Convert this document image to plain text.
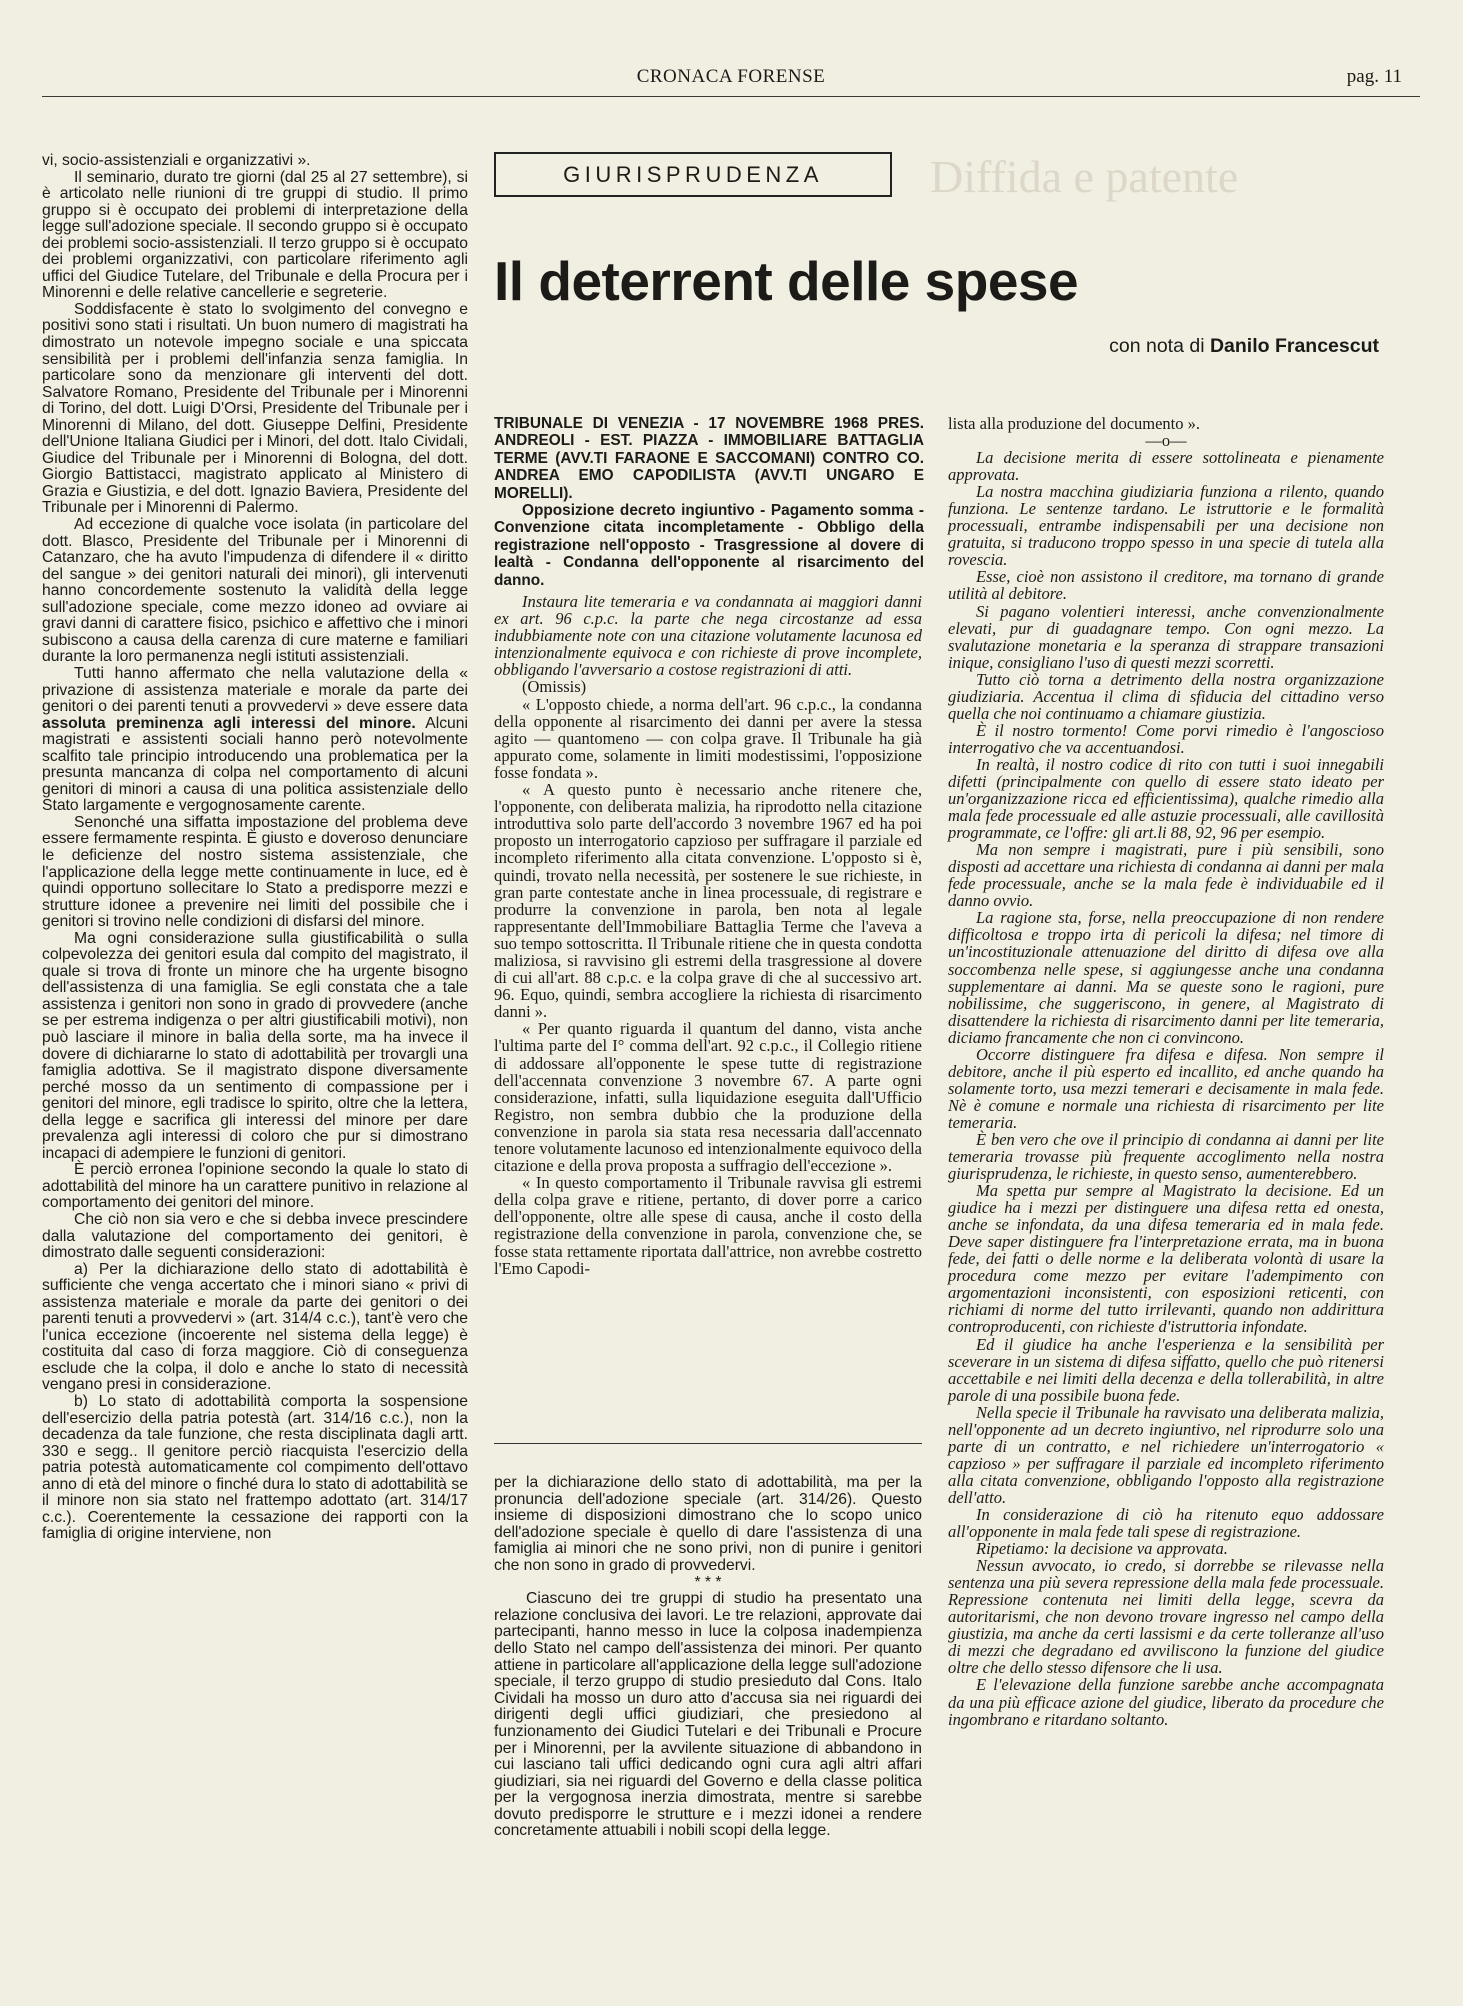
CRONACA FORENSE	pag. 11
Diffida e patente

vi, socio-assistenziali e organizzativi ».

Il seminario, durato tre giorni (dal 25 al 27 settembre), si è articolato nelle riunioni di tre gruppi di studio. Il primo gruppo si è occupato dei problemi di interpretazione della legge sull'adozione speciale. Il secondo gruppo si è occupato dei problemi socio-assistenziali. Il terzo gruppo si è occupato dei problemi organizzativi, con particolare riferimento agli uffici del Giudice Tutelare, del Tribunale e della Procura per i Minorenni e delle relative cancellerie e segreterie.

Soddisfacente è stato lo svolgimento del convegno e positivi sono stati i risultati. Un buon numero di magistrati ha dimostrato un notevole impegno sociale e una spiccata sensibilità per i problemi dell'infanzia senza famiglia. In particolare sono da menzionare gli interventi del dott. Salvatore Romano, Presidente del Tribunale per i Minorenni di Torino, del dott. Luigi D'Orsi, Presidente del Tribunale per i Minorenni di Milano, del dott. Giuseppe Delfini, Presidente dell'Unione Italiana Giudici per i Minori, del dott. Italo Cividali, Giudice del Tribunale per i Minorenni di Bologna, del dott. Giorgio Battistacci, magistrato applicato al Ministero di Grazia e Giustizia, e del dott. Ignazio Baviera, Presidente del Tribunale per i Minorenni di Palermo.

Ad eccezione di qualche voce isolata (in particolare del dott. Blasco, Presidente del Tribunale per i Minorenni di Catanzaro, che ha avuto l'impudenza di difendere il « diritto del sangue » dei genitori naturali dei minori), gli intervenuti hanno concordemente sostenuto la validità della legge sull'adozione speciale, come mezzo idoneo ad ovviare ai gravi danni di carattere fisico, psichico e affettivo che i minori subiscono a causa della carenza di cure materne e familiari durante la loro permanenza negli istituti assistenziali.

Tutti hanno affermato che nella valutazione della « privazione di assistenza materiale e morale da parte dei genitori o dei parenti tenuti a provvedervi » deve essere data assoluta preminenza agli interessi del minore. Alcuni magistrati e assistenti sociali hanno però notevolmente scalfito tale principio introducendo una problematica per la presunta mancanza di colpa nel comportamento di alcuni genitori di minori a causa di una politica assistenziale dello Stato largamente e vergognosamente carente.

Senonché una siffatta impostazione del problema deve essere fermamente respinta. È giusto e doveroso denunciare le deficienze del nostro sistema assistenziale, che l'applicazione della legge mette continuamente in luce, ed è quindi opportuno sollecitare lo Stato a predisporre mezzi e strutture idonee a prevenire nei limiti del possibile che i genitori si trovino nelle condizioni di disfarsi del minore.

Ma ogni considerazione sulla giustificabilità o sulla colpevolezza dei genitori esula dal compito del magistrato, il quale si trova di fronte un minore che ha urgente bisogno dell'assistenza di una famiglia. Se egli constata che a tale assistenza i genitori non sono in grado di provvedere (anche se per estrema indigenza o per altri giustificabili motivi), non può lasciare il minore in balìa della sorte, ma ha invece il dovere di dichiararne lo stato di adottabilità per trovargli una famiglia adottiva. Se il magistrato dispone diversamente perché mosso da un sentimento di compassione per i genitori del minore, egli tradisce lo spirito, oltre che la lettera, della legge e sacrifica gli interessi del minore per dare prevalenza agli interessi di coloro che pur si dimostrano incapaci di adempiere le funzioni di genitori.

È perciò erronea l'opinione secondo la quale lo stato di adottabilità del minore ha un carattere punitivo in relazione al comportamento dei genitori del minore.

Che ciò non sia vero e che si debba invece prescindere dalla valutazione del comportamento dei genitori, è dimostrato dalle seguenti considerazioni:

a) Per la dichiarazione dello stato di adottabilità è sufficiente che venga accertato che i minori siano « privi di assistenza materiale e morale da parte dei genitori o dei parenti tenuti a provvedervi » (art. 314/4 c.c.), tant'è vero che l'unica eccezione (incoerente nel sistema della legge) è costituita dal caso di forza maggiore. Ciò di conseguenza esclude che la colpa, il dolo e anche lo stato di necessità vengano presi in considerazione.

b) Lo stato di adottabilità comporta la sospensione dell'esercizio della patria potestà (art. 314/16 c.c.), non la decadenza da tale funzione, che resta disciplinata dagli artt. 330 e segg.. Il genitore perciò riacquista l'esercizio della patria potestà automaticamente col compimento dell'ottavo anno di età del minore o finché dura lo stato di adottabilità se il minore non sia stato nel frattempo adottato (art. 314/17 c.c.). Coerentemente la cessazione dei rapporti con la famiglia di origine interviene, non

GIURISPRUDENZA
Il deterrent delle spese
con nota di Danilo Francescut

TRIBUNALE DI VENEZIA - 17 NOVEMBRE 1968 PRES. ANDREOLI - EST. PIAZZA - IMMOBILIARE BATTAGLIA TERME (AVV.TI FARAONE E SACCOMANI) CONTRO CO. ANDREA EMO CAPODILISTA (AVV.TI UNGARO E MORELLI).

Opposizione decreto ingiuntivo - Pagamento somma - Convenzione citata incompletamente - Obbligo della registrazione nell'opposto - Trasgressione al dovere di lealtà - Condanna dell'opponente al risarcimento del danno.

Instaura lite temeraria e va condannata ai maggiori danni ex art. 96 c.p.c. la parte che nega circostanze ad essa indubbiamente note con una citazione volutamente lacunosa ed intenzionalmente equivoca e con richieste di prove incomplete, obbligando l'avversario a costose registrazioni di atti.

(Omissis)

« L'opposto chiede, a norma dell'art. 96 c.p.c., la condanna della opponente al risarcimento dei danni per avere la stessa agito — quantomeno — con colpa grave. Il Tribunale ha già appurato come, solamente in limiti modestissimi, l'opposizione fosse fondata ».

« A questo punto è necessario anche ritenere che, l'opponente, con deliberata malizia, ha riprodotto nella citazione introduttiva solo parte dell'accordo 3 novembre 1967 ed ha poi proposto un interrogatorio capzioso per suffragare il parziale ed incompleto riferimento alla citata convenzione. L'opposto si è, quindi, trovato nella necessità, per sostenere le sue richieste, in gran parte contestate anche in linea processuale, di registrare e produrre la convenzione in parola, ben nota al legale rappresentante dell'Immobiliare Battaglia Terme che l'aveva a suo tempo sottoscritta. Il Tribunale ritiene che in questa condotta maliziosa, si ravvisino gli estremi della trasgressione al dovere di cui all'art. 88 c.p.c. e la colpa grave di che al successivo art. 96. Equo, quindi, sembra accogliere la richiesta di risarcimento danni ».

« Per quanto riguarda il quantum del danno, vista anche l'ultima parte del I° comma dell'art. 92 c.p.c., il Collegio ritiene di addossare all'opponente le spese tutte di registrazione dell'accennata convenzione 3 novembre 67. A parte ogni considerazione, infatti, sulla liquidazione eseguita dall'Ufficio Registro, non sembra dubbio che la produzione della convenzione in parola sia stata resa necessaria dall'accennato tenore volutamente lacunoso ed intenzionalmente equivoco della citazione e della prova proposta a suffragio dell'eccezione ».

« In questo comportamento il Tribunale ravvisa gli estremi della colpa grave e ritiene, pertanto, di dover porre a carico dell'opponente, oltre alle spese di causa, anche il costo della registrazione della convenzione in parola, convenzione che, se fosse stata rettamente riportata dall'attrice, non avrebbe costretto l'Emo Capodi-

per la dichiarazione dello stato di adottabilità, ma per la pronuncia dell'adozione speciale (art. 314/26). Questo insieme di disposizioni dimostrano che lo scopo unico dell'adozione speciale è quello di dare l'assistenza di una famiglia ai minori che ne sono privi, non di punire i genitori che non sono in grado di provvedervi.

* * *

Ciascuno dei tre gruppi di studio ha presentato una relazione conclusiva dei lavori. Le tre relazioni, approvate dai partecipanti, hanno messo in luce la colposa inadempienza dello Stato nel campo dell'assistenza dei minori. Per quanto attiene in particolare all'applicazione della legge sull'adozione speciale, il terzo gruppo di studio presieduto dal Cons. Italo Cividali ha mosso un duro atto d'accusa sia nei riguardi dei dirigenti degli uffici giudiziari, che presiedono al funzionamento dei Giudici Tutelari e dei Tribunali e Procure per i Minorenni, per la avvilente situazione di abbandono in cui lasciano tali uffici dedicando ogni cura agli altri affari giudiziari, sia nei riguardi del Governo e della classe politica per la vergognosa inerzia dimostrata, mentre si sarebbe dovuto predisporre le strutture e i mezzi idonei a rendere concretamente attuabili i nobili scopi della legge.

lista alla produzione del documento ».

—o—

La decisione merita di essere sottolineata e pienamente approvata.

La nostra macchina giudiziaria funziona a rilento, quando funziona. Le sentenze tardano. Le istruttorie e le formalità processuali, entrambe indispensabili per una decisione non gratuita, si traducono troppo spesso in una specie di tutela alla rovescia.

Esse, cioè non assistono il creditore, ma tornano di grande utilità al debitore.

Si pagano volentieri interessi, anche convenzionalmente elevati, pur di guadagnare tempo. Con ogni mezzo. La svalutazione monetaria e la speranza di strappare transazioni inique, consigliano l'uso di questi mezzi scorretti.

Tutto ciò torna a detrimento della nostra organizzazione giudiziaria. Accentua il clima di sfiducia del cittadino verso quella che noi continuamo a chiamare giustizia.

È il nostro tormento! Come porvi rimedio è l'angoscioso interrogativo che va accentuandosi.

In realtà, il nostro codice di rito con tutti i suoi innegabili difetti (principalmente con quello di essere stato ideato per un'organizzazione ricca ed efficientissima), qualche rimedio alla mala fede processuale ed alle astuzie processuali, alle cavillosità programmate, ce l'offre: gli art.li 88, 92, 96 per esempio.

Ma non sempre i magistrati, pure i più sensibili, sono disposti ad accettare una richiesta di condanna ai danni per mala fede processuale, anche se la mala fede è individuabile ed il danno ovvio.

La ragione sta, forse, nella preoccupazione di non rendere difficoltosa e troppo irta di pericoli la difesa; nel timore di un'incostituzionale attenuazione del diritto di difesa ove alla soccombenza nelle spese, si aggiungesse anche una condanna supplementare ai danni. Ma se queste sono le ragioni, pure nobilissime, che suggeriscono, in genere, al Magistrato di disattendere la richiesta di risarcimento danni per lite temeraria, diciamo francamente che non ci convincono.

Occorre distinguere fra difesa e difesa. Non sempre il debitore, anche il più esperto ed incallito, ed anche quando ha solamente torto, usa mezzi temerari e decisamente in mala fede. Nè è comune e normale una richiesta di risarcimento per lite temeraria.

È ben vero che ove il principio di condanna ai danni per lite temeraria trovasse più frequente accoglimento nella nostra giurisprudenza, le richieste, in questo senso, aumenterebbero.

Ma spetta pur sempre al Magistrato la decisione. Ed un giudice ha i mezzi per distinguere una difesa retta ed onesta, anche se infondata, da una difesa temeraria ed in mala fede. Deve saper distinguere fra l'interpretazione errata, ma in buona fede, dei fatti o delle norme e la deliberata volontà di usare la procedura come mezzo per evitare l'adempimento con argomentazioni inconsistenti, con esposizioni reticenti, con richiami di norme del tutto irrilevanti, quando non addirittura controproducenti, con richieste d'istruttoria infondate.

Ed il giudice ha anche l'esperienza e la sensibilità per sceverare in un sistema di difesa siffatto, quello che può ritenersi accettabile e nei limiti della decenza e della tollerabilità, in altre parole di una possibile buona fede.

Nella specie il Tribunale ha ravvisato una deliberata malizia, nell'opponente ad un decreto ingiuntivo, nel riprodurre solo una parte di un contratto, e nel richiedere un'interrogatorio « capzioso » per suffragare il parziale ed incompleto riferimento alla citata convenzione, obbligando l'opposto alla registrazione dell'atto.

In considerazione di ciò ha ritenuto equo addossare all'opponente in mala fede tali spese di registrazione.

Ripetiamo: la decisione va approvata.

Nessun avvocato, io credo, si dorrebbe se rilevasse nella sentenza una più severa repressione della mala fede processuale. Repressione contenuta nei limiti della legge, scevra da autoritarismi, che non devono trovare ingresso nel campo della giustizia, ma anche da certi lassismi e da certe tolleranze all'uso di mezzi che degradano ed avviliscono la funzione del giudice oltre che dello stesso difensore che li usa.

E l'elevazione della funzione sarebbe anche accompagnata da una più efficace azione del giudice, liberato da procedure che ingombrano e ritardano soltanto.
